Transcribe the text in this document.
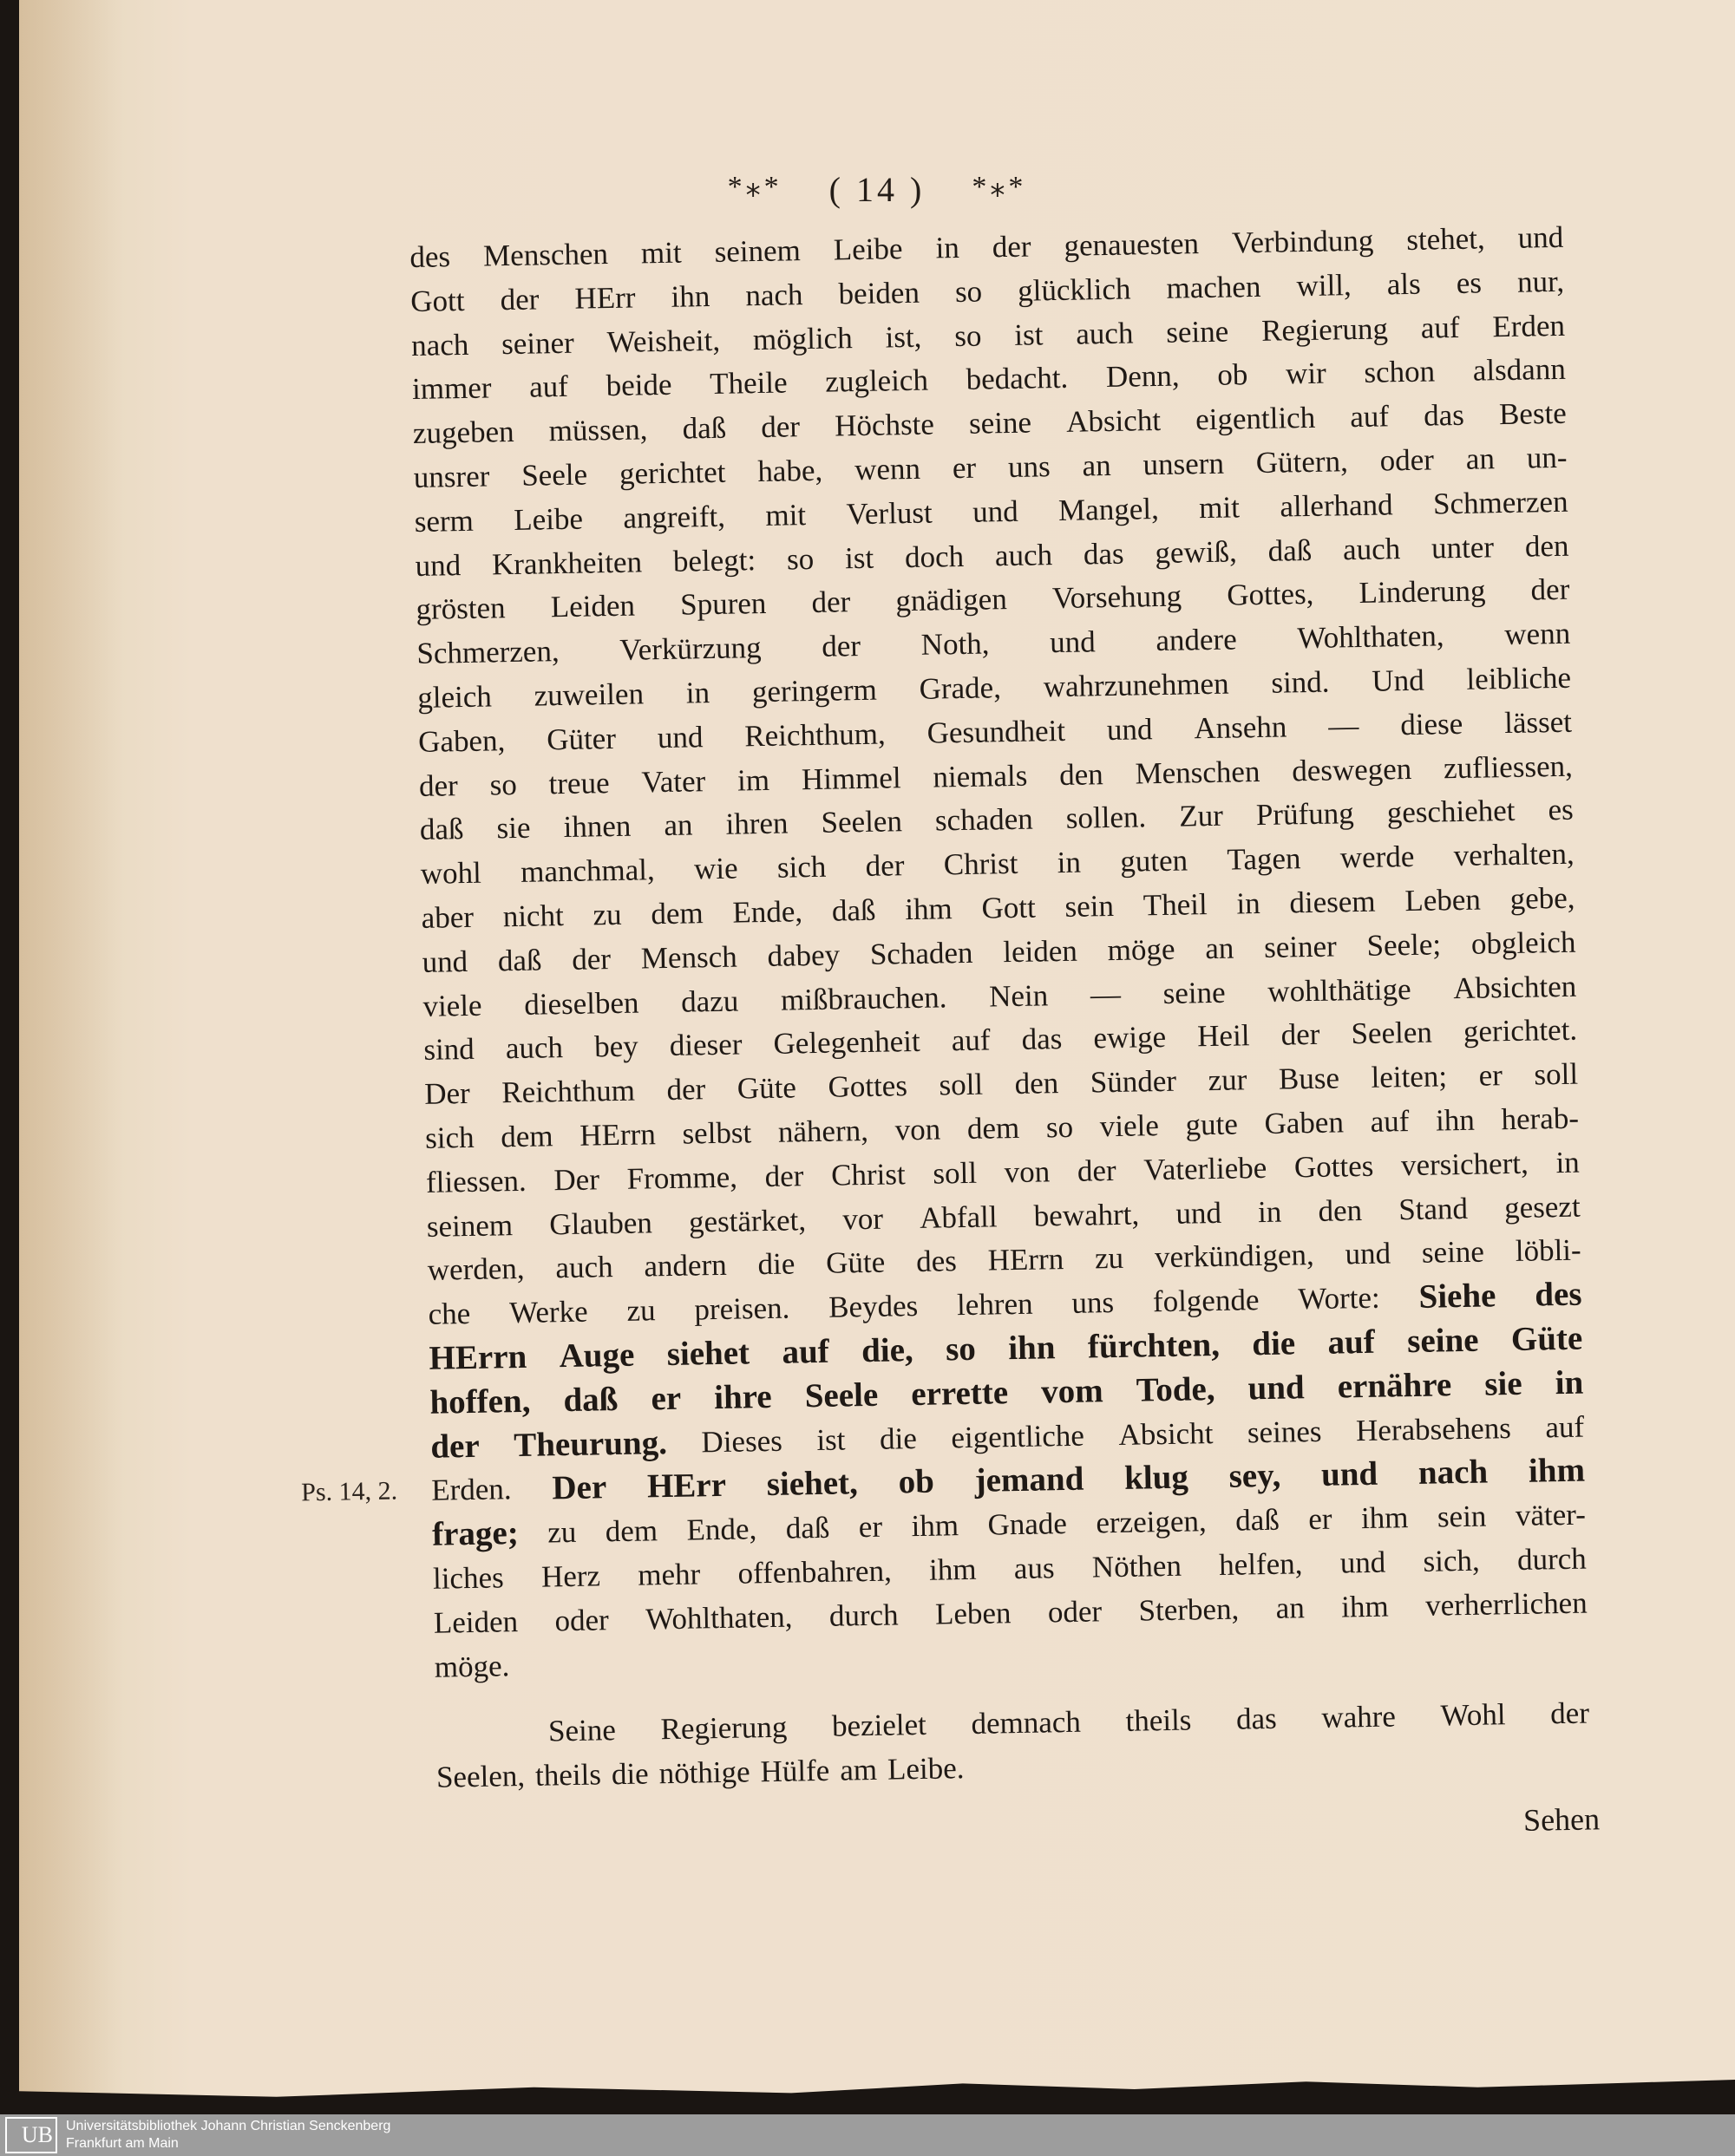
*⁎* ( 14 ) *⁎*
des Menschen mit seinem Leibe in der genauesten Verbindung stehet, und
Gott der HErr ihn nach beiden so glücklich machen will, als es nur,
nach seiner Weisheit, möglich ist, so ist auch seine Regierung auf Erden
immer auf beide Theile zugleich bedacht. Denn, ob wir schon alsdann
zugeben müssen, daß der Höchste seine Absicht eigentlich auf das Beste
unsrer Seele gerichtet habe, wenn er uns an unsern Gütern, oder an un-
serm Leibe angreift, mit Verlust und Mangel, mit allerhand Schmerzen
und Krankheiten belegt: so ist doch auch das gewiß, daß auch unter den
grösten Leiden Spuren der gnädigen Vorsehung Gottes, Linderung der
Schmerzen, Verkürzung der Noth, und andere Wohlthaten, wenn
gleich zuweilen in geringerm Grade, wahrzunehmen sind. Und leibliche
Gaben, Güter und Reichthum, Gesundheit und Ansehn — diese lässet
der so treue Vater im Himmel niemals den Menschen deswegen zufliessen,
daß sie ihnen an ihren Seelen schaden sollen. Zur Prüfung geschiehet es
wohl manchmal, wie sich der Christ in guten Tagen werde verhalten,
aber nicht zu dem Ende, daß ihm Gott sein Theil in diesem Leben gebe,
und daß der Mensch dabey Schaden leiden möge an seiner Seele; obgleich
viele dieselben dazu mißbrauchen. Nein — seine wohlthätige Absichten
sind auch bey dieser Gelegenheit auf das ewige Heil der Seelen gerichtet.
Der Reichthum der Güte Gottes soll den Sünder zur Buse leiten; er soll
sich dem HErrn selbst nähern, von dem so viele gute Gaben auf ihn herab-
fliessen. Der Fromme, der Christ soll von der Vaterliebe Gottes versichert, in
seinem Glauben gestärket, vor Abfall bewahrt, und in den Stand gesezt
werden, auch andern die Güte des HErrn zu verkündigen, und seine löbli-
che Werke zu preisen. Beydes lehren uns folgende Worte: Siehe des
HErrn Auge siehet auf die, so ihn fürchten, die auf seine Güte
hoffen, daß er ihre Seele errette vom Tode, und ernähre sie in
der Theurung. Dieses ist die eigentliche Absicht seines Herabsehens auf
Erden. Der HErr siehet, ob jemand klug sey, und nach ihm
Ps. 14, 2.
frage; zu dem Ende, daß er ihm Gnade erzeigen, daß er ihm sein väter-
liches Herz mehr offenbahren, ihm aus Nöthen helfen, und sich, durch
Leiden oder Wohlthaten, durch Leben oder Sterben, an ihm verherrlichen
möge.
Seine Regierung bezielet demnach theils das wahre Wohl der
Seelen, theils die nöthige Hülfe am Leibe.
Sehen
UB Universitätsbibliothek Johann Christian Senckenberg
Frankfurt am Main
